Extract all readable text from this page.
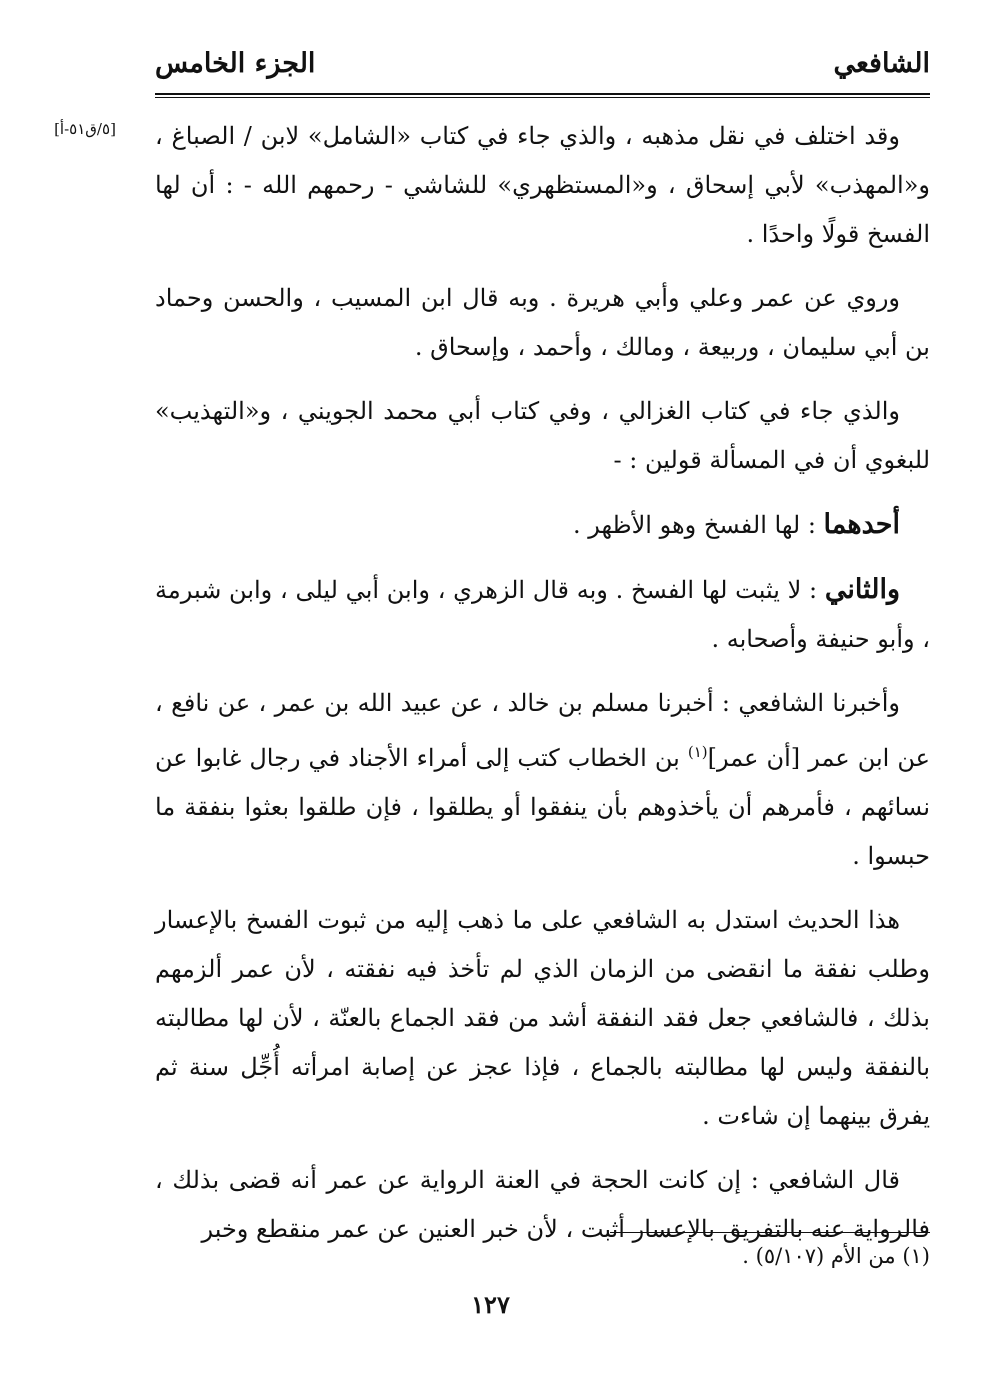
الشافعي
الجزء الخامس
[٥/ق٥١-أ]	وقد اختلف في نقل مذهبه ، والذي جاء في كتاب «الشامل» لابن / الصباغ ، و«المهذب» لأبي إسحاق ، و«المستظهري» للشاشي - رحمهم الله - : أن لها الفسخ قولًا واحدًا .

وروي عن عمر وعلي وأبي هريرة . وبه قال ابن المسيب ، والحسن وحماد بن أبي سليمان ، وربيعة ، ومالك ، وأحمد ، وإسحاق .

والذي جاء في كتاب الغزالي ، وفي كتاب أبي محمد الجويني ، و«التهذيب» للبغوي أن في المسألة قولين : -

أحدهما : لها الفسخ وهو الأظهر .

والثاني : لا يثبت لها الفسخ . وبه قال الزهري ، وابن أبي ليلى ، وابن شبرمة ، وأبو حنيفة وأصحابه .

وأخبرنا الشافعي : أخبرنا مسلم بن خالد ، عن عبيد الله بن عمر ، عن نافع ، عن ابن عمر [أن عمر]$^{(١)}$ بن الخطاب كتب إلى أمراء الأجناد في رجال غابوا عن نسائهم ، فأمرهم أن يأخذوهم بأن ينفقوا أو يطلقوا ، فإن طلقوا بعثوا بنفقة ما حبسوا .

هذا الحديث استدل به الشافعي على ما ذهب إليه من ثبوت الفسخ بالإعسار وطلب نفقة ما انقضى من الزمان الذي لم تأخذ فيه نفقته ، لأن عمر ألزمهم بذلك ، فالشافعي جعل فقد النفقة أشد من فقد الجماع بالعنّة ، لأن لها مطالبته بالنفقة وليس لها مطالبته بالجماع ، فإذا عجز عن إصابة امرأته أُجِّل سنة ثم يفرق بينهما إن شاءت .

قال الشافعي : إن كانت الحجة في العنة الرواية عن عمر أنه قضى بذلك ، فالرواية عنه بالتفريق بالإعسار أثبت ، لأن خبر العنين عن عمر منقطع وخبر

(١) من الأم (٥/١٠٧) .
١٢٧
